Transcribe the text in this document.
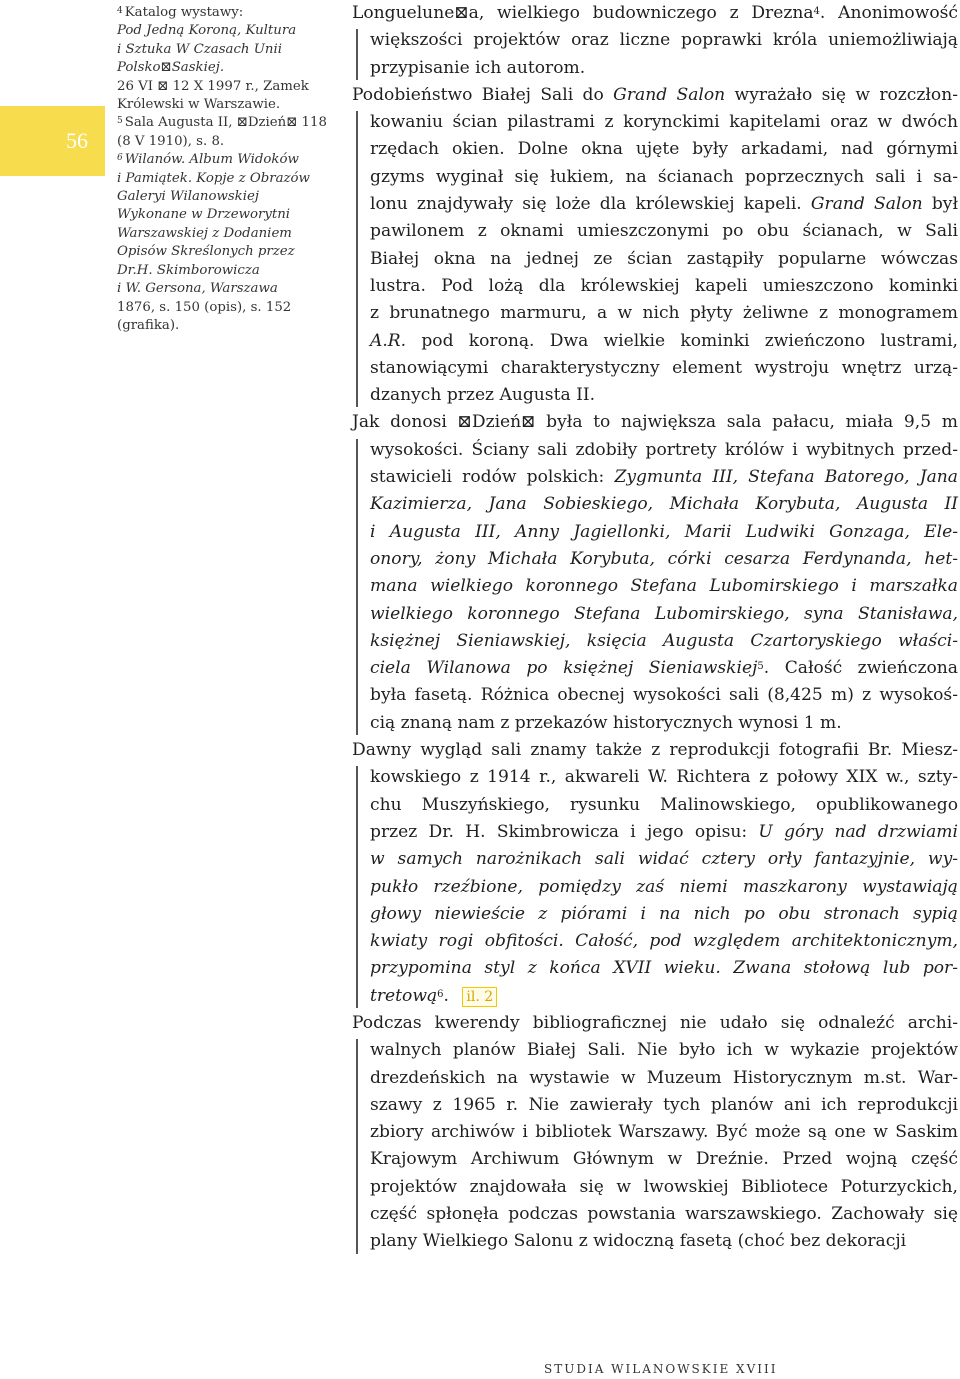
56
$^4$ Katalog wystawy:
Pod Jedną Koroną, Kultura
i Sztuka W Czasach Unii
Polsko⊠Saskiej.
26 VI ⊠ 12 X 1997 r., Zamek
Królewski w Warszawie.
$^5$ Sala Augusta II, ⊠Dzień⊠ 118
(8 V 1910), s. 8.
$^6$ Wilanów. Album Widoków
i Pamiątek. Kopje z Obrazów
Galeryi Wilanowskiej
Wykonane w Drzeworytni
Warszawskiej z Dodaniem
Opisów Skreślonych przez
Dr.H. Skimborowicza
i W. Gersona, Warszawa
1876, s. 150 (opis), s. 152
(grafika).
Longuelune⊠a, wielkiego budowniczego z Drezna$^4$. Anonimowość
większości projektów oraz liczne poprawki króla uniemożliwiają
przypisanie ich autorom.
Podobieństwo Białej Sali do Grand Salon wyrażało się w rozczłon-
kowaniu ścian pilastrami z korynckimi kapitelami oraz w dwóch
rzędach okien. Dolne okna ujęte były arkadami, nad górnymi
gzyms wyginał się łukiem, na ścianach poprzecznych sali i sa-
lonu znajdywały się loże dla królewskiej kapeli. Grand Salon był
pawilonem z oknami umieszczonymi po obu ścianach, w Sali
Białej okna na jednej ze ścian zastąpiły popularne wówczas
lustra. Pod lożą dla królewskiej kapeli umieszczono kominki
z brunatnego marmuru, a w nich płyty żeliwne z monogramem
A.R. pod koroną. Dwa wielkie kominki zwieńczono lustrami,
stanowiącymi charakterystyczny element wystroju wnętrz urzą-
dzanych przez Augusta II.
Jak donosi ⊠Dzień⊠ była to największa sala pałacu, miała 9,5 m
wysokości. Ściany sali zdobiły portrety królów i wybitnych przed-
stawicieli rodów polskich: Zygmunta III, Stefana Batorego, Jana
Kazimierza, Jana Sobieskiego, Michała Korybuta, Augusta II
i Augusta III, Anny Jagiellonki, Marii Ludwiki Gonzaga, Ele-
onory, żony Michała Korybuta, córki cesarza Ferdynanda, het-
mana wielkiego koronnego Stefana Lubomirskiego i marszałka
wielkiego koronnego Stefana Lubomirskiego, syna Stanisława,
księżnej Sieniawskiej, księcia Augusta Czartoryskiego właści-
ciela Wilanowa po księżnej Sieniawskiej$^5$. Całość zwieńczona
była fasetą. Różnica obecnej wysokości sali (8,425 m) z wysokoś-
cią znaną nam z przekazów historycznych wynosi 1 m.
Dawny wygląd sali znamy także z reprodukcji fotografii Br. Miesz-
kowskiego z 1914 r., akwareli W. Richtera z połowy XIX w., szty-
chu Muszyńskiego, rysunku Malinowskiego, opublikowanego
przez Dr. H. Skimbrowicza i jego opisu: U góry nad drzwiami
w samych narożnikach sali widać cztery orły fantazyjnie, wy-
pukło rzeźbione, pomiędzy zaś niemi maszkarony wystawiają
głowy niewieście z piórami i na nich po obu stronach sypią
kwiaty rogi obfitości. Całość, pod względem architektonicznym,
przypomina styl z końca XVII wieku. Zwana stołową lub por-
tretową$^6$. il. 2
Podczas kwerendy bibliograficznej nie udało się odnaleźć archi-
walnych planów Białej Sali. Nie było ich w wykazie projektów
drezdeńskich na wystawie w Muzeum Historycznym m.st. War-
szawy z 1965 r. Nie zawierały tych planów ani ich reprodukcji
zbiory archiwów i bibliotek Warszawy. Być może są one w Saskim
Krajowym Archiwum Głównym w Dreźnie. Przed wojną część
projektów znajdowała się w lwowskiej Bibliotece Poturzyckich,
część spłonęła podczas powstania warszawskiego. Zachowały się
plany Wielkiego Salonu z widoczną fasetą (choć bez dekoracji
STUDIA WILANOWSKIE XVIII
